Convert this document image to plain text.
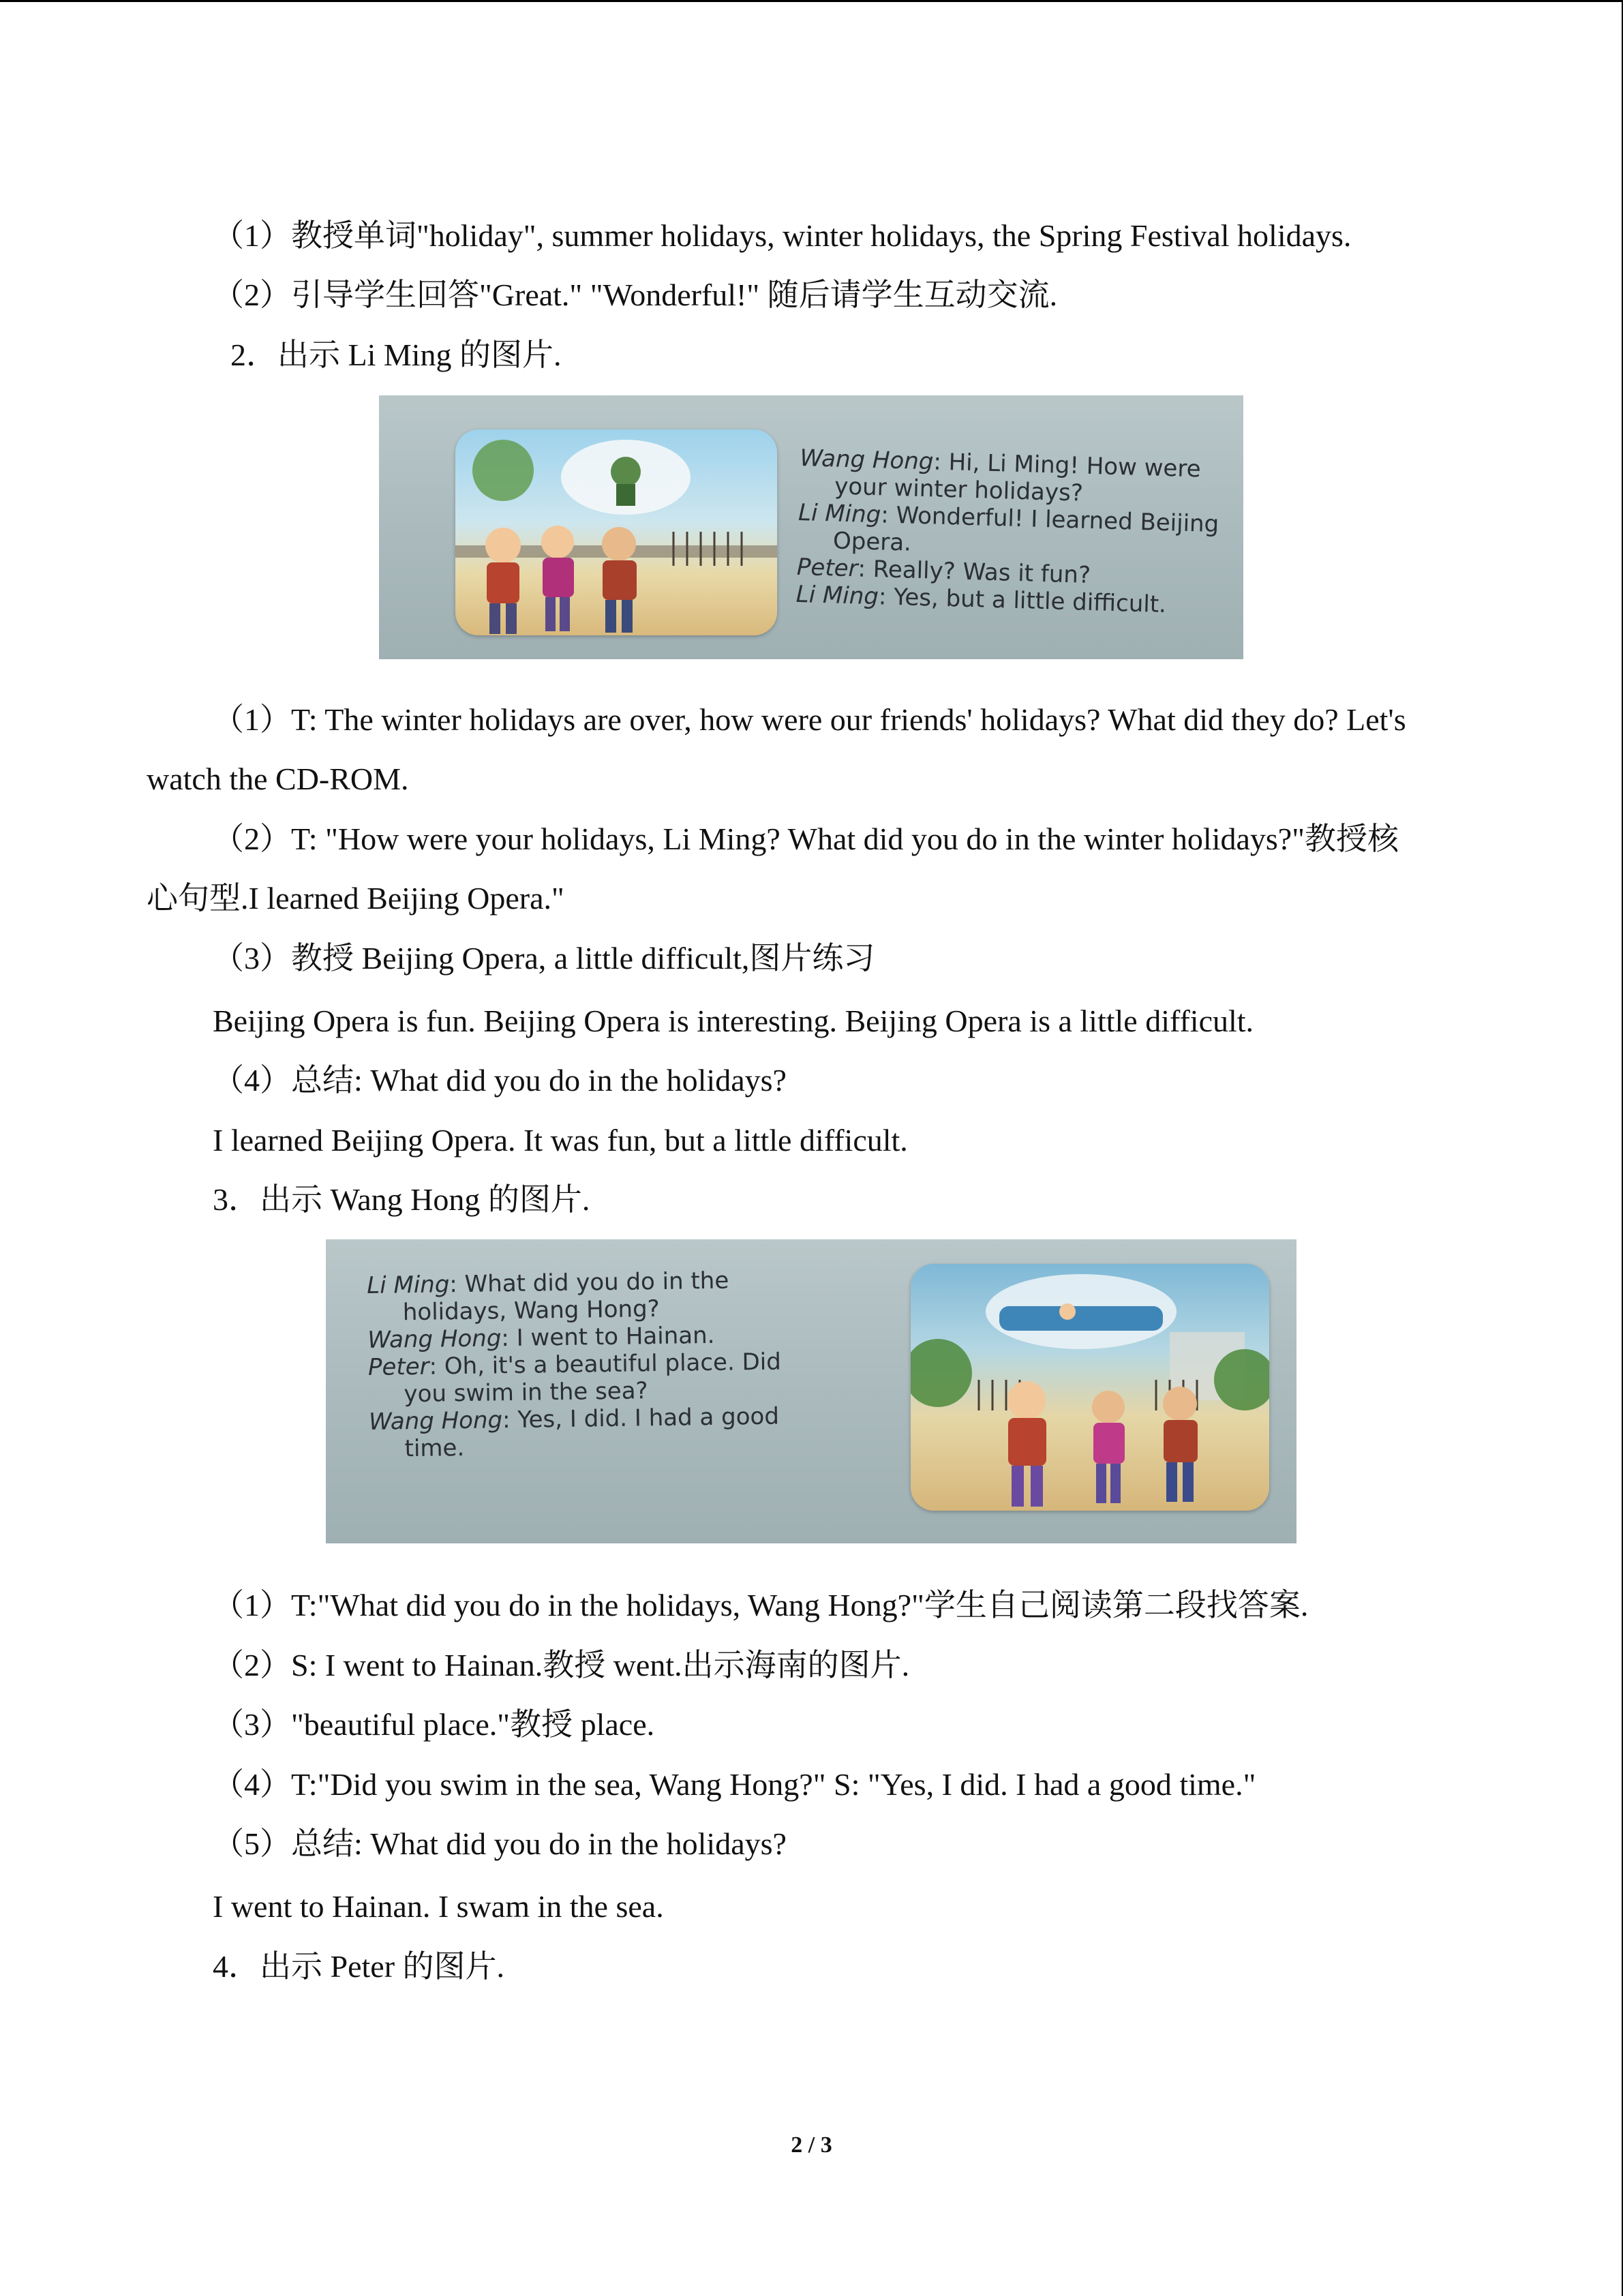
（1）教授单词"holiday", summer holidays, winter holidays, the Spring Festival holidays.
（2）引导学生回答"Great." "Wonderful!" 随后请学生互动交流.
2．出示 Li Ming 的图片.
Wang Hong: Hi, Li Ming! How were
your winter holidays?
Li Ming: Wonderful! I learned Beijing
Opera.
Peter: Really? Was it fun?
Li Ming: Yes, but a little difficult.
（1）T: The winter holidays are over, how were our friends' holidays? What did they do? Let's
watch the CD-ROM.
（2）T: "How were your holidays, Li Ming? What did you do in the winter holidays?"教授核
心句型.I learned Beijing Opera."
（3）教授 Beijing Opera, a little difficult,图片练习
Beijing Opera is fun. Beijing Opera is interesting. Beijing Opera is a little difficult.
（4）总结: What did you do in the holidays?
I learned Beijing Opera. It was fun, but a little difficult.
3．出示 Wang Hong 的图片.
Li Ming: What did you do in the
holidays, Wang Hong?
Wang Hong: I went to Hainan.
Peter: Oh, it's a beautiful place. Did
you swim in the sea?
Wang Hong: Yes, I did. I had a good
time.
（1）T:"What did you do in the holidays, Wang Hong?"学生自己阅读第二段找答案.
（2）S: I went to Hainan.教授 went.出示海南的图片.
（3）"beautiful place."教授 place.
（4）T:"Did you swim in the sea, Wang Hong?" S: "Yes, I did. I had a good time."
（5）总结: What did you do in the holidays?
I went to Hainan. I swam in the sea.
4．出示 Peter 的图片.
2 / 3
